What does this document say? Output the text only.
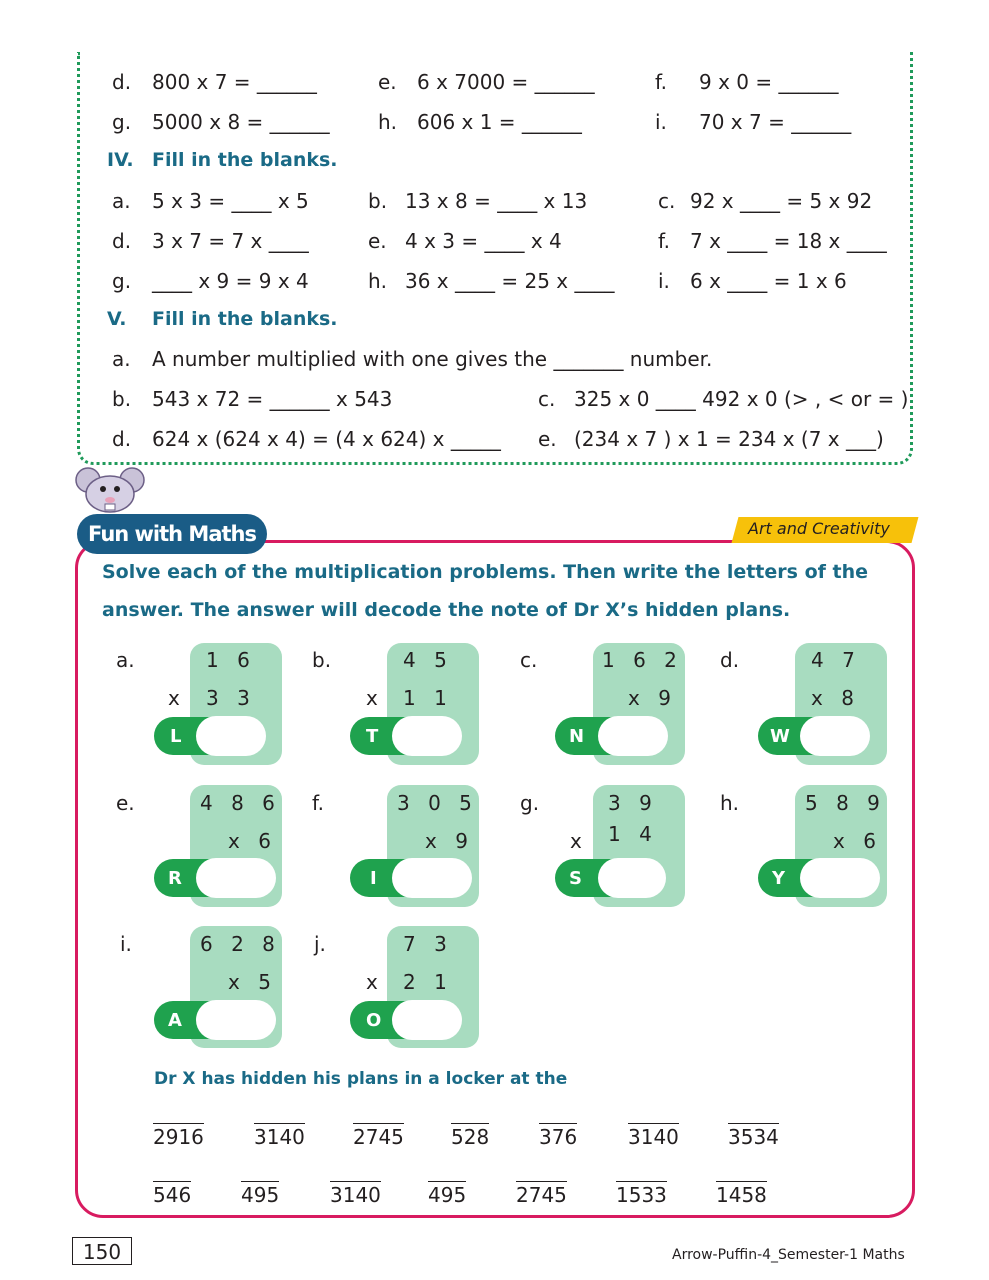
d. 800 x 7 = ______	e. 6 x 7000 = ______	f. 9 x 0 = ______
g. 5000 x 8 = ______ h. 606 x 1 = ______	i. 70 x 7 = ______
IV. Fill in the blanks.
a. 5 x 3 = ____ x 5	b. 13 x 8 = ____ x 13	c. 92 x ____ = 5 x 92
d. 3 x 7 = 7 x ____	e. 4 x 3 = ____ x 4	f. 7 x ____ = 18 x ____
g. ____ x 9 = 9 x 4	h. 36 x ____ = 25 x ____ i. 6 x ____ = 1 x 6
V. Fill in the blanks.
a. A number multiplied with one gives the _______ number.
b. 543 x 72 = ______ x 543	c. 325 x 0 ____ 492 x 0 (> , < or = )
d. 624 x (624 x 4) = (4 x 624) x _____ e. (234 x 7 ) x 1 = 234 x (7 x ___)
Art and Creativity
Fun with Maths
Solve each of the multiplication problems. Then write the letters of the
answer. The answer will decode the note of Dr X’s hidden plans.
a.	1 6
x 3 3
L
b.	4 5
x 1 1
T
c.	1 6 2
x 9
N
d.	4 7
x 8
W
e.	4 8 6
x 6
R
f.	3 0 5
x 9
I
g.	3 9
x 1 4
S
h.	5 8 9
x 6
Y
i.	6 2 8
x 5
A
j.	7 3
x 2 1
O
Dr X has hidden his plans in a locker at the
2916	3140 2745 528 376	3140 3534
546 495	3140 495 2745 1533 1458
150	Arrow-Puffin-4_Semester-1 Maths
